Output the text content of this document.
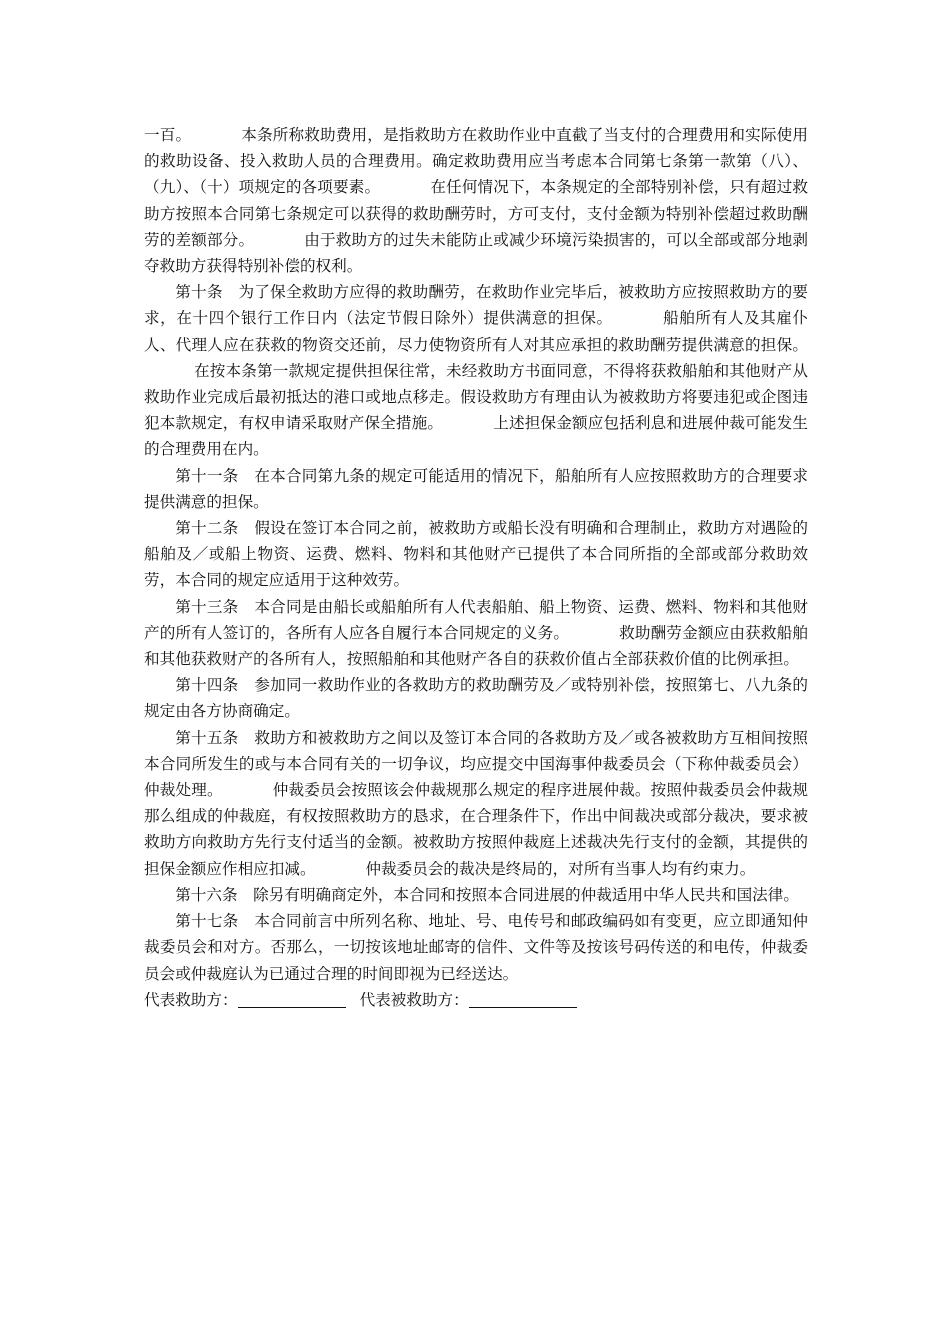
一百。	本条所称救助费用，是指救助方在救助作业中直截了当支付的合理费用和实际使用的救助设备、投入救助人员的合理费用。确定救助费用应当考虑本合同第七条第一款第（八）、（九）、（十）项规定的各项要素。	在任何情况下，本条规定的全部特别补偿，只有超过救助方按照本合同第七条规定可以获得的救助酬劳时，方可支付，支付金额为特别补偿超过救助酬劳的差额部分。	由于救助方的过失未能防止或减少环境污染损害的，可以全部或部分地剥夺救助方获得特别补偿的权利。

第十条　为了保全救助方应得的救助酬劳，在救助作业完毕后，被救助方应按照救助方的要求，在十四个银行工作日内（法定节假日除外）提供满意的担保。	船舶所有人及其雇仆人、代理人应在获救的物资交还前，尽力使物资所有人对其应承担的救助酬劳提供满意的担保。在按本条第一款规定提供担保往常，未经救助方书面同意，不得将获救船舶和其他财产从救助作业完成后最初抵达的港口或地点移走。假设救助方有理由认为被救助方将要违犯或企图违犯本款规定，有权申请采取财产保全措施。	上述担保金额应包括利息和进展仲裁可能发生的合理费用在内。

第十一条　在本合同第九条的规定可能适用的情况下，船舶所有人应按照救助方的合理要求提供满意的担保。

第十二条　假设在签订本合同之前，被救助方或船长没有明确和合理制止，救助方对遇险的船舶及／或船上物资、运费、燃料、物料和其他财产已提供了本合同所指的全部或部分救助效劳，本合同的规定应适用于这种效劳。

第十三条　本合同是由船长或船舶所有人代表船舶、船上物资、运费、燃料、物料和其他财产的所有人签订的，各所有人应各自履行本合同规定的义务。	救助酬劳金额应由获救船舶和其他获救财产的各所有人，按照船舶和其他财产各自的获救价值占全部获救价值的比例承担。

第十四条　参加同一救助作业的各救助方的救助酬劳及／或特别补偿，按照第七、八九条的规定由各方协商确定。

第十五条　救助方和被救助方之间以及签订本合同的各救助方及／或各被救助方互相间按照本合同所发生的或与本合同有关的一切争议，均应提交中国海事仲裁委员会（下称仲裁委员会）仲裁处理。	仲裁委员会按照该会仲裁规那么规定的程序进展仲裁。按照仲裁委员会仲裁规那么组成的仲裁庭，有权按照救助方的恳求，在合理条件下，作出中间裁决或部分裁决，要求被救助方向救助方先行支付适当的金额。被救助方按照仲裁庭上述裁决先行支付的金额，其提供的担保金额应作相应扣减。	仲裁委员会的裁决是终局的，对所有当事人均有约束力。

第十六条　除另有明确商定外，本合同和按照本合同进展的仲裁适用中华人民共和国法律。

第十七条　本合同前言中所列名称、地址、号、电传号和邮政编码如有变更，应立即通知仲裁委员会和对方。否那么，一切按该地址邮寄的信件、文件等及按该号码传送的和电传，仲裁委员会或仲裁庭认为已通过合理的时间即视为已经送达。

代表救助方：	代表被救助方：
